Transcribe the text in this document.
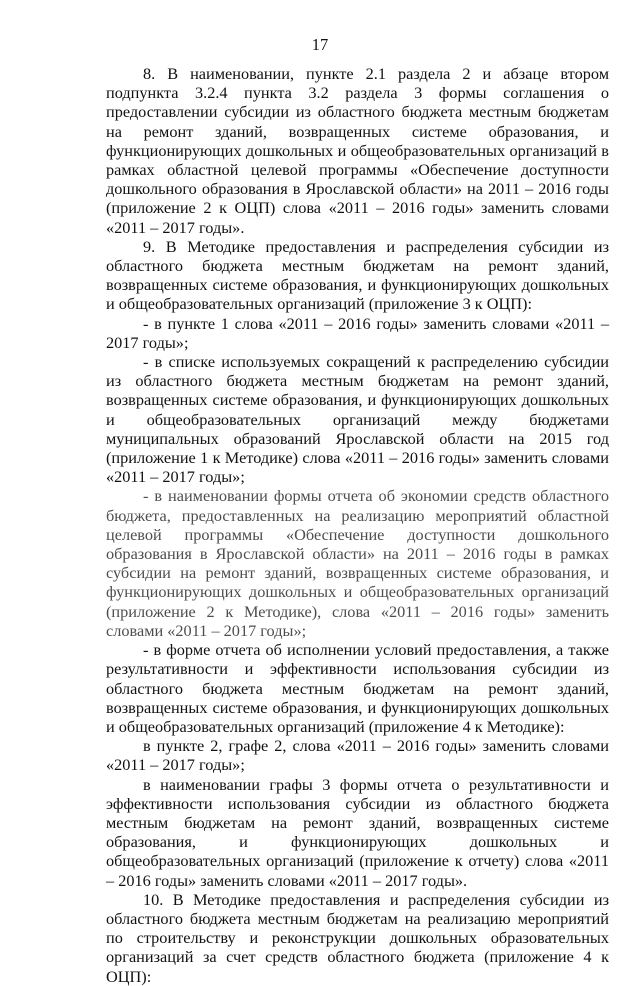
17

8. В наименовании, пункте 2.1 раздела 2 и абзаце втором подпункта 3.2.4 пункта 3.2 раздела 3 формы соглашения о предоставлении субсидии из областного бюджета местным бюджетам на ремонт зданий, возвращенных системе образования, и функционирующих дошкольных и общеобразовательных организаций в рамках областной целевой программы «Обеспечение доступности дошкольного образования в Ярославской области» на 2011 – 2016 годы (приложение 2 к ОЦП) слова «2011 – 2016 годы» заменить словами «2011 – 2017 годы».

9. В Методике предоставления и распределения субсидии из областного бюджета местным бюджетам на ремонт зданий, возвращенных системе образования, и функционирующих дошкольных и общеобразовательных организаций (приложение 3 к ОЦП):

- в пункте 1 слова «2011 – 2016 годы» заменить словами «2011 – 2017 годы»;

- в списке используемых сокращений к распределению субсидии из областного бюджета местным бюджетам на ремонт зданий, возвращенных системе образования, и функционирующих дошкольных и общеобразовательных организаций между бюджетами муниципальных образований Ярославской области на 2015 год (приложение 1 к Методике) слова «2011 – 2016 годы» заменить словами «2011 – 2017 годы»;

- в наименовании формы отчета об экономии средств областного бюджета, предоставленных на реализацию мероприятий областной целевой программы «Обеспечение доступности дошкольного образования в Ярославской области» на 2011 – 2016 годы в рамках субсидии на ремонт зданий, возвращенных системе образования, и функционирующих дошкольных и общеобразовательных организаций (приложение 2 к Методике), слова «2011 – 2016 годы» заменить словами «2011 – 2017 годы»;

- в форме отчета об исполнении условий предоставления, а также результативности и эффективности использования субсидии из областного бюджета местным бюджетам на ремонт зданий, возвращенных системе образования, и функционирующих дошкольных и общеобразовательных организаций (приложение 4 к Методике):

в пункте 2, графе 2, слова «2011 – 2016 годы» заменить словами «2011 – 2017 годы»;

в наименовании графы 3 формы отчета о результативности и эффективности использования субсидии из областного бюджета местным бюджетам на ремонт зданий, возвращенных системе образования, и функционирующих дошкольных и общеобразовательных организаций (приложение к отчету) слова «2011 – 2016 годы» заменить словами «2011 – 2017 годы».

10. В Методике предоставления и распределения субсидии из областного бюджета местным бюджетам на реализацию мероприятий по строительству и реконструкции дошкольных образовательных организаций за счет средств областного бюджета (приложение 4 к ОЦП):
